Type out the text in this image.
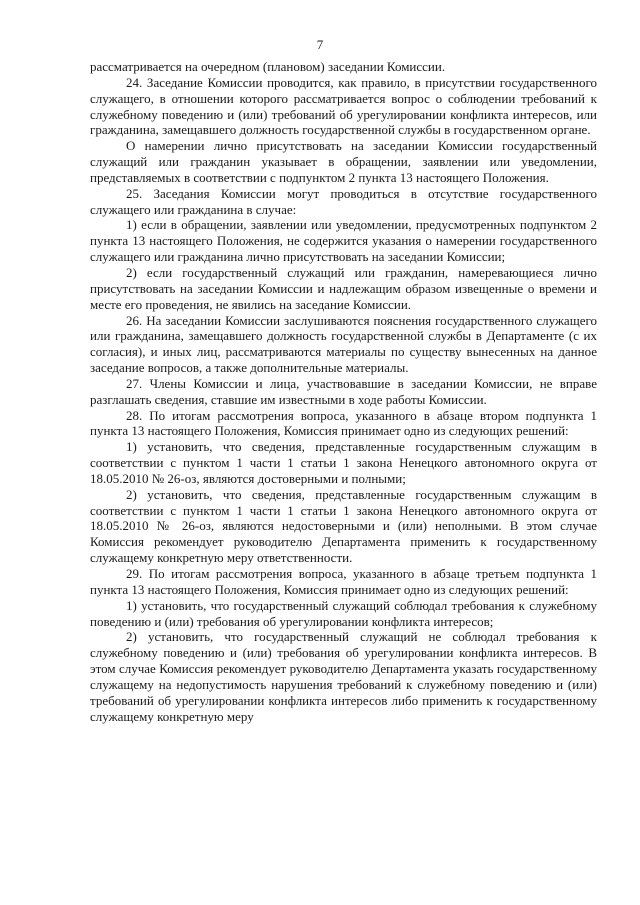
7

рассматривается на очередном (плановом) заседании Комиссии.

24. Заседание Комиссии проводится, как правило, в присутствии государственного служащего, в отношении которого рассматривается вопрос о соблюдении требований к служебному поведению и (или) требований об урегулировании конфликта интересов, или гражданина, замещавшего должность государственной службы в государственном органе.

О намерении лично присутствовать на заседании Комиссии государственный служащий или гражданин указывает в обращении, заявлении или уведомлении, представляемых в соответствии с подпунктом 2 пункта 13 настоящего Положения.

25. Заседания Комиссии могут проводиться в отсутствие государственного служащего или гражданина в случае:

1) если в обращении, заявлении или уведомлении, предусмотренных подпунктом 2 пункта 13 настоящего Положения, не содержится указания о намерении государственного служащего или гражданина лично присутствовать на заседании Комиссии;

2) если государственный служащий или гражданин, намеревающиеся лично присутствовать на заседании Комиссии и надлежащим образом извещенные о времени и месте его проведения, не явились на заседание Комиссии.

26. На заседании Комиссии заслушиваются пояснения государственного служащего или гражданина, замещавшего должность государственной службы в Департаменте (с их согласия), и иных лиц, рассматриваются материалы по существу вынесенных на данное заседание вопросов, а также дополнительные материалы.

27. Члены Комиссии и лица, участвовавшие в заседании Комиссии, не вправе разглашать сведения, ставшие им известными в ходе работы Комиссии.

28. По итогам рассмотрения вопроса, указанного в абзаце втором подпункта 1 пункта 13 настоящего Положения, Комиссия принимает одно из следующих решений:

1) установить, что сведения, представленные государственным служащим в соответствии с пунктом 1 части 1 статьи 1 закона Ненецкого автономного округа от 18.05.2010 № 26-оз, являются достоверными и полными;

2) установить, что сведения, представленные государственным служащим в соответствии с пунктом 1 части 1 статьи 1 закона Ненецкого автономного округа от 18.05.2010 № 26-оз, являются недостоверными и (или) неполными. В этом случае Комиссия рекомендует руководителю Департамента применить к государственному служащему конкретную меру ответственности.

29. По итогам рассмотрения вопроса, указанного в абзаце третьем подпункта 1 пункта 13 настоящего Положения, Комиссия принимает одно из следующих решений:

1) установить, что государственный служащий соблюдал требования к служебному поведению и (или) требования об урегулировании конфликта интересов;

2) установить, что государственный служащий не соблюдал требования к служебному поведению и (или) требования об урегулировании конфликта интересов. В этом случае Комиссия рекомендует руководителю Департамента указать государственному служащему на недопустимость нарушения требований к служебному поведению и (или) требований об урегулировании конфликта интересов либо применить к государственному служащему конкретную меру
